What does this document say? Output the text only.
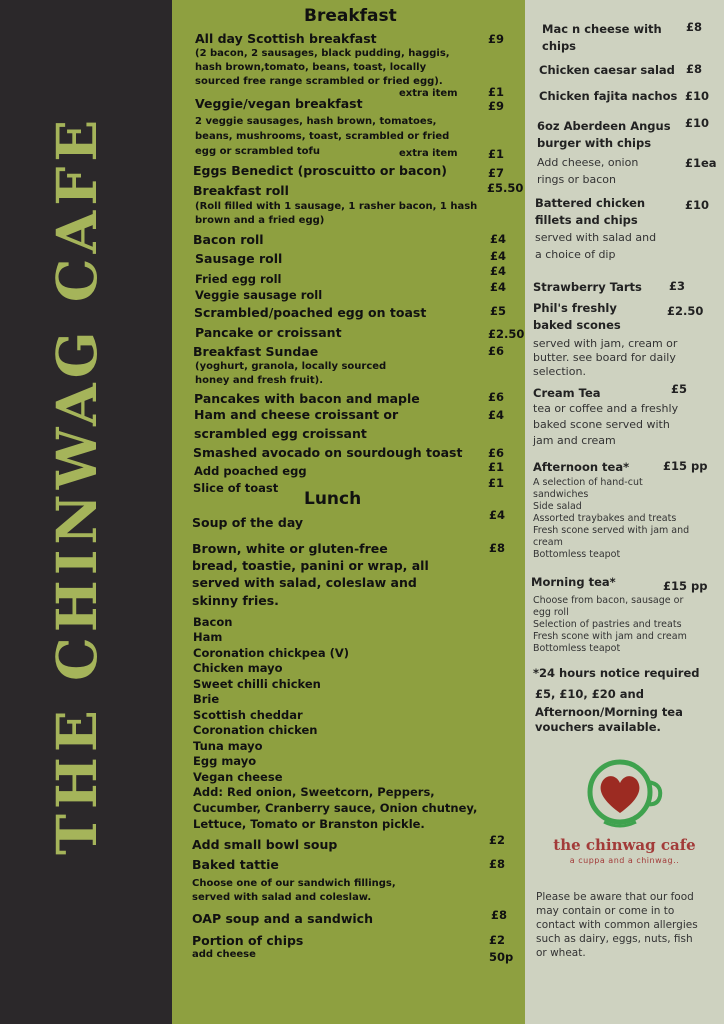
THE CHINWAG CAFE
Breakfast
All day Scottish breakfast
(2 bacon, 2 sausages, black pudding, haggis,
hash brown,tomato, beans, toast, locally
sourced free range scrambled or fried egg).
extra item
Veggie/vegan breakfast
2 veggie sausages, hash brown, tomatoes,
beans, mushrooms, toast, scrambled or fried
egg or scrambled tofu	extra item
Eggs Benedict (proscuitto or bacon)
Breakfast roll
(Roll filled with 1 sausage, 1 rasher bacon, 1 hash
brown and a fried egg)
Bacon roll
Sausage roll
Fried egg roll
Veggie sausage roll
Scrambled/poached egg on toast
Pancake or croissant
Breakfast Sundae
(yoghurt, granola, locally sourced
honey and fresh fruit).
Pancakes with bacon and maple
Ham and cheese croissant or
scrambled egg croissant
Smashed avocado on sourdough toast
Add poached egg
Slice of toast
£9
£1
£9
£1
£7
£5.50
£4
£4
£4
£4
£5
£2.50
£6
£6
£4
£6
£1
£1
Lunch
Soup of the day
Brown, white or gluten-free
bread, toastie, panini or wrap, all
served with salad, coleslaw and
skinny fries.
Bacon
Ham
Coronation chickpea (V)
Chicken mayo
Sweet chilli chicken
Brie
Scottish cheddar
Coronation chicken
Tuna mayo
Egg mayo
Vegan cheese
Add: Red onion, Sweetcorn, Peppers,
Cucumber, Cranberry sauce, Onion chutney,
Lettuce, Tomato or Branston pickle.
Add small bowl soup
Baked tattie
Choose one of our sandwich fillings,
served with salad and coleslaw.
OAP soup and a sandwich
Portion of chips
add cheese
£4
£8
£2
£8
£8
£2
50p
Mac n cheese with
chips
Chicken caesar salad
Chicken fajita nachos
6oz Aberdeen Angus
burger with chips
Add cheese, onion
rings or bacon
Battered chicken
fillets and chips
served with salad and
a choice of dip
Strawberry Tarts
Phil's freshly
baked scones
served with jam, cream or
butter. see board for daily
selection.
Cream Tea
tea or coffee and a freshly
baked scone served with
jam and cream
Afternoon tea*
A selection of hand-cut
sandwiches
Side salad
Assorted traybakes and treats
Fresh scone served with jam and
cream
Bottomless teapot
Morning tea*
Choose from bacon, sausage or
egg roll
Selection of pastries and treats
Fresh scone with jam and cream
Bottomless teapot
*24 hours notice required
£5, £10, £20 and
Afternoon/Morning tea
vouchers available.
£8
£8
£10
£10
£1ea
£10
£3
£2.50
£5
£15 pp
£15 pp
Please be aware that our food may contain or come in to contact with common allergies such as dairy, eggs, nuts, fish or wheat.
the chinwag cafe
a cuppa and a chinwag..
